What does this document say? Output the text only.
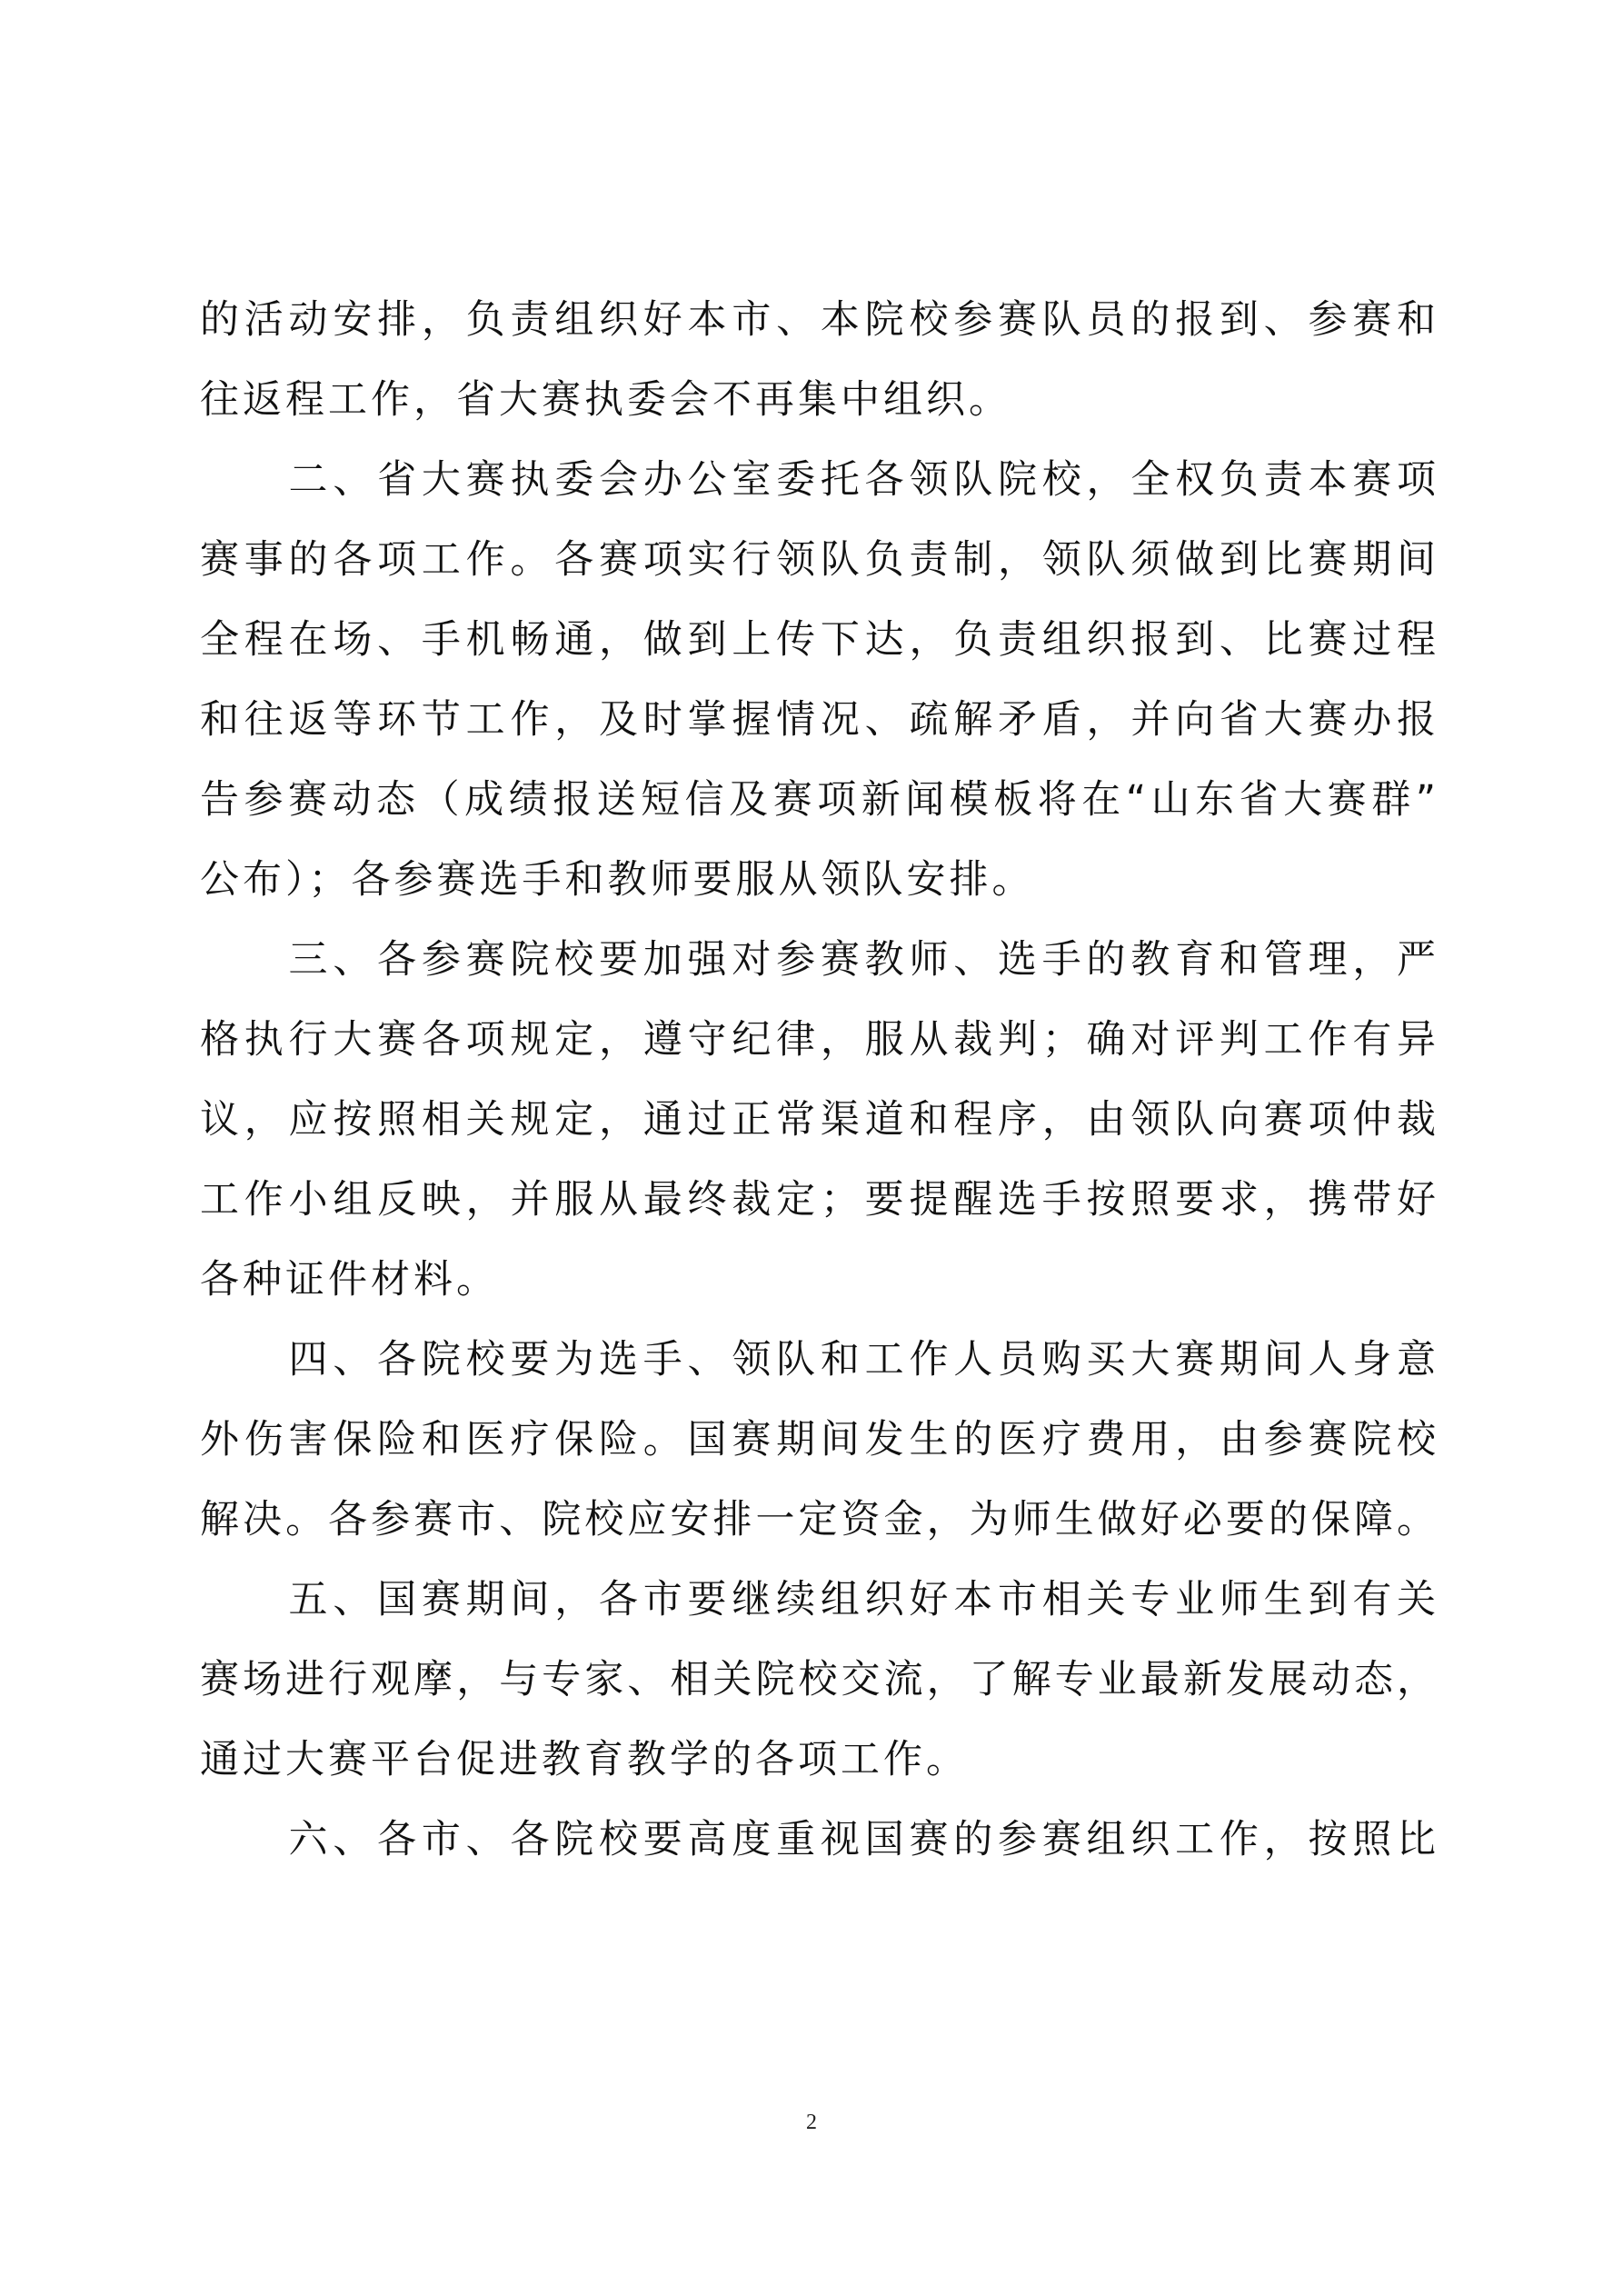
的活动安排，负责组织好本市、本院校参赛队员的报到、参赛和
往返程工作，省大赛执委会不再集中组织。
　　二、省大赛执委会办公室委托各领队院校，全权负责本赛项
赛事的各项工作。各赛项实行领队负责制，领队须做到比赛期间
全程在场、手机畅通，做到上传下达，负责组织报到、比赛过程
和往返等环节工作，及时掌握情况、疏解矛盾，并向省大赛办报
告参赛动态（成绩报送短信及赛项新闻模板将在“山东省大赛群”
公布）；各参赛选手和教师要服从领队安排。
　　三、各参赛院校要加强对参赛教师、选手的教育和管理，严
格执行大赛各项规定，遵守纪律，服从裁判；确对评判工作有异
议，应按照相关规定，通过正常渠道和程序，由领队向赛项仲裁
工作小组反映，并服从最终裁定；要提醒选手按照要求，携带好
各种证件材料。
　　四、各院校要为选手、领队和工作人员购买大赛期间人身意
外伤害保险和医疗保险。国赛期间发生的医疗费用，由参赛院校
解决。各参赛市、院校应安排一定资金，为师生做好必要的保障。
　　五、国赛期间，各市要继续组织好本市相关专业师生到有关
赛场进行观摩，与专家、相关院校交流，了解专业最新发展动态，
通过大赛平台促进教育教学的各项工作。
　　六、各市、各院校要高度重视国赛的参赛组织工作，按照比
2
